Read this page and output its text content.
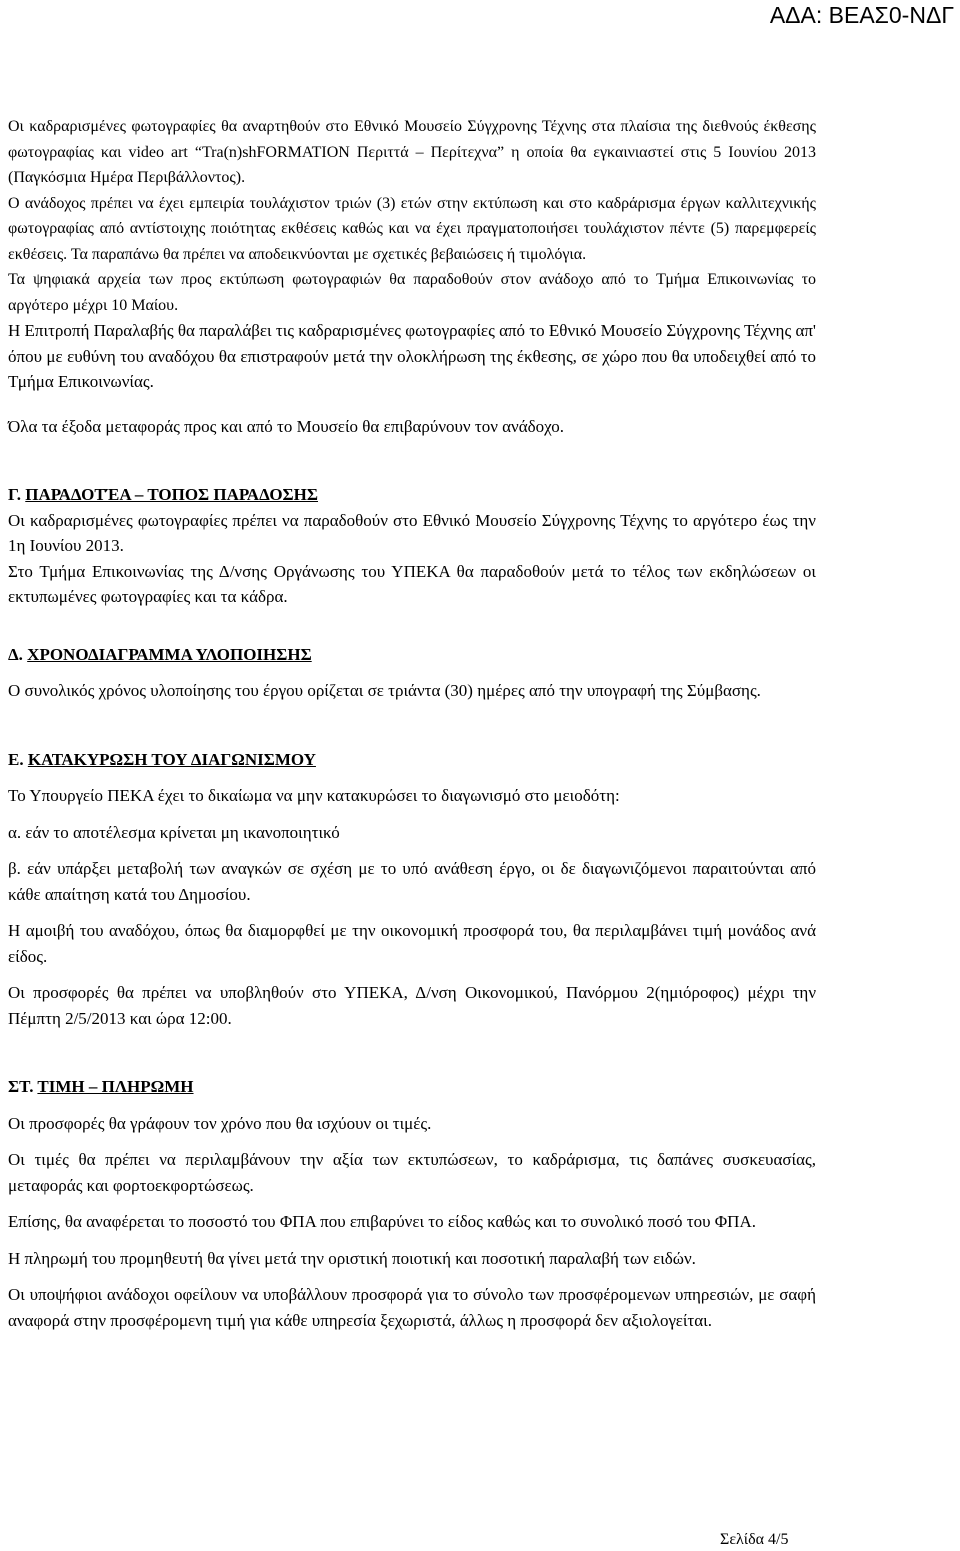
ΑΔΑ: ΒΕΑΣ0-ΝΔΓ

Οι καδραρισμένες φωτογραφίες θα αναρτηθούν στο Εθνικό Μουσείο Σύγχρονης Τέχνης στα πλαίσια της διεθνούς έκθεσης φωτογραφίας και video art “Tra(n)shFORMATION Περιττά – Περίτεχνα” η οποία θα εγκαινιαστεί στις 5 Ιουνίου 2013 (Παγκόσμια Ημέρα Περιβάλλοντος).

Ο ανάδοχος πρέπει να έχει εμπειρία τουλάχιστον τριών (3) ετών στην εκτύπωση και στο καδράρισμα έργων καλλιτεχνικής φωτογραφίας από αντίστοιχης ποιότητας εκθέσεις καθώς και να έχει πραγματοποιήσει τουλάχιστον πέντε (5) παρεμφερείς εκθέσεις. Τα παραπάνω θα πρέπει να αποδεικνύονται με σχετικές βεβαιώσεις ή τιμολόγια.

Τα ψηφιακά αρχεία των προς εκτύπωση φωτογραφιών θα παραδοθούν στον ανάδοχο από το Τμήμα Επικοινωνίας το αργότερο μέχρι 10 Μαίου.

Η Επιτροπή Παραλαβής θα παραλάβει τις καδραρισμένες φωτογραφίες από το Εθνικό Μουσείο Σύγχρονης Τέχνης απ' όπου με ευθύνη του αναδόχου θα επιστραφούν μετά την ολοκλήρωση της έκθεσης, σε χώρο που θα υποδειχθεί από το Τμήμα Επικοινωνίας.

Όλα τα έξοδα μεταφοράς προς και από το Μουσείο θα επιβαρύνουν τον ανάδοχο.

Γ. ΠΑΡΑΔΟΤΈΑ – ΤΟΠΟΣ ΠΑΡΑΔΟΣΗΣ

Οι καδραρισμένες φωτογραφίες πρέπει να παραδοθούν στο Εθνικό Μουσείο Σύγχρονης Τέχνης το αργότερο έως την 1η Ιουνίου 2013.

Στο Τμήμα Επικοινωνίας της Δ/νσης Οργάνωσης του ΥΠΕΚΑ θα παραδοθούν μετά το τέλος των εκδηλώσεων οι εκτυπωμένες φωτογραφίες και τα κάδρα.

Δ. ΧΡΟΝΟΔΙΑΓΡΑΜΜΑ ΥΛΟΠΟΙΗΣΗΣ

Ο συνολικός χρόνος υλοποίησης του έργου ορίζεται σε τριάντα (30) ημέρες από την υπογραφή της Σύμβασης.

Ε. ΚΑΤΑΚΥΡΩΣΗ ΤΟΥ ΔΙΑΓΩΝΙΣΜΟΥ

Το Υπουργείο ΠΕΚΑ έχει το δικαίωμα να μην κατακυρώσει το διαγωνισμό στο μειοδότη:

α. εάν το αποτέλεσμα κρίνεται μη ικανοποιητικό

β. εάν υπάρξει μεταβολή των αναγκών σε σχέση με το υπό ανάθεση έργο, οι δε διαγωνιζόμενοι παραιτούνται από κάθε απαίτηση κατά του Δημοσίου.

Η αμοιβή του αναδόχου, όπως θα διαμορφθεί με την οικονομική προσφορά του, θα περιλαμβάνει τιμή μονάδος ανά είδος.

Οι προσφορές θα πρέπει να υποβληθούν στο ΥΠΕΚΑ, Δ/νση Οικονομικού, Πανόρμου 2(ημιόροφος) μέχρι την Πέμπτη 2/5/2013 και ώρα 12:00.

ΣΤ. ΤΙΜΗ – ΠΛΗΡΩΜΗ

Οι προσφορές θα γράφουν τον χρόνο που θα ισχύουν οι τιμές.

Οι τιμές θα πρέπει να περιλαμβάνουν την αξία των εκτυπώσεων, το καδράρισμα, τις δαπάνες συσκευασίας, μεταφοράς και φορτοεκφορτώσεως.

Επίσης, θα αναφέρεται το ποσοστό του ΦΠΑ που επιβαρύνει το είδος καθώς και το συνολικό ποσό του ΦΠΑ.

Η πληρωμή του προμηθευτή θα γίνει μετά την οριστική ποιοτική και ποσοτική παραλαβή των ειδών.

Οι υποψήφιοι ανάδοχοι οφείλουν να υποβάλλουν προσφορά για το σύνολο των προσφέρομενων υπηρεσιών, με σαφή αναφορά στην προσφέρομενη τιμή για κάθε υπηρεσία ξεχωριστά, άλλως η προσφορά δεν αξιολογείται.

Σελίδα 4/5
